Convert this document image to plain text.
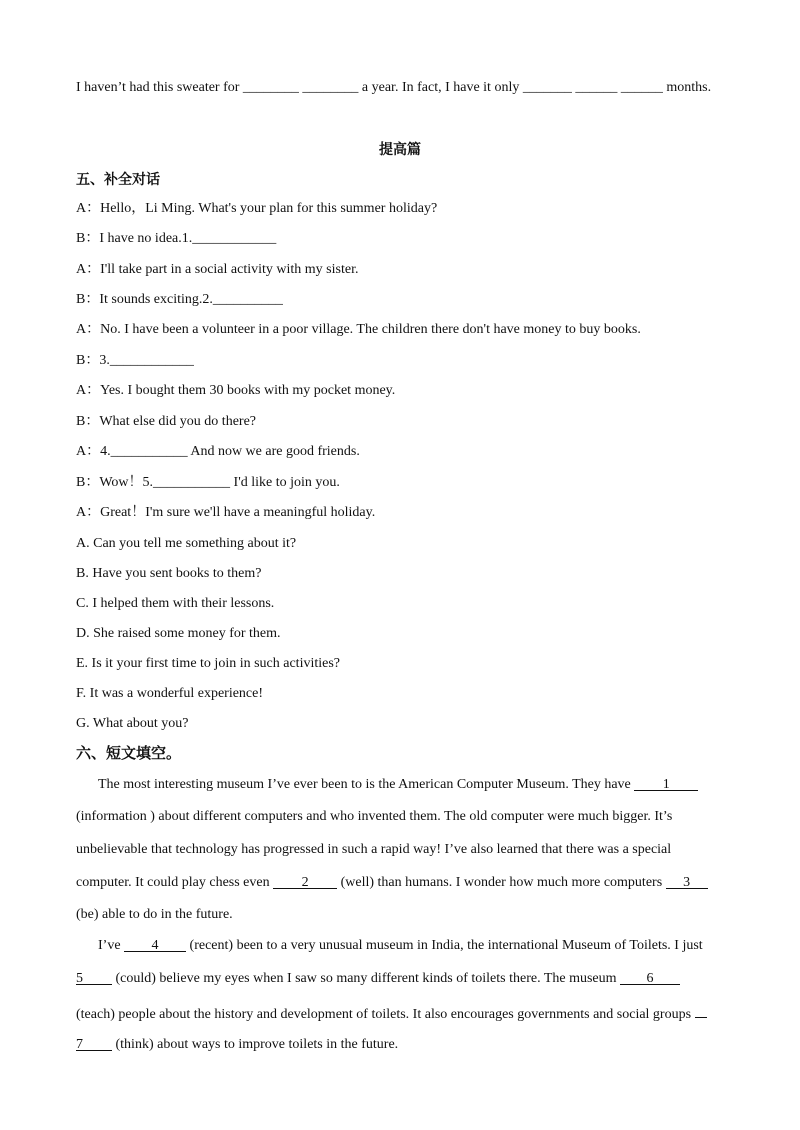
I haven’t had this sweater for ________ ________ a year. In fact, I have it only _______ ______ ______ months.
提高篇
五、补全对话
A：Hello，Li Ming. What's your plan for this summer holiday?
B：I have no idea.1.____________
A：I'll take part in a social activity with my sister.
B：It sounds exciting.2.__________
A：No. I have been a volunteer in a poor village. The children there don't have money to buy books.
B：3.____________
A：Yes. I bought them 30 books with my pocket money.
B：What else did you do there?
A：4.___________ And now we are good friends.
B：Wow！5.___________ I'd like to join you.
A：Great！I'm sure we'll have a meaningful holiday.
A. Can you tell me something about it?
B. Have you sent books to them?
C. I helped them with their lessons.
D. She raised some money for them.
E. Is it your first time to join in such activities?
F. It was a wonderful experience!
G. What about you?
六、短文填空。
The most interesting museum I’ve ever been to is the American Computer Museum. They have 1
(information ) about different computers and who invented them. The old computer were much bigger. It’s
unbelievable that technology has progressed in such a rapid way! I’ve also learned that there was a special
computer. It could play chess even 2 (well) than humans. I wonder how much more computers 3
(be) able to do in the future.
I’ve 4 (recent) been to a very unusual museum in India, the international Museum of Toilets. I just
5 (could) believe my eyes when I saw so many different kinds of toilets there. The museum 6
(teach) people about the history and development of toilets. It also encourages governments and social groups
7 (think) about ways to improve toilets in the future.
